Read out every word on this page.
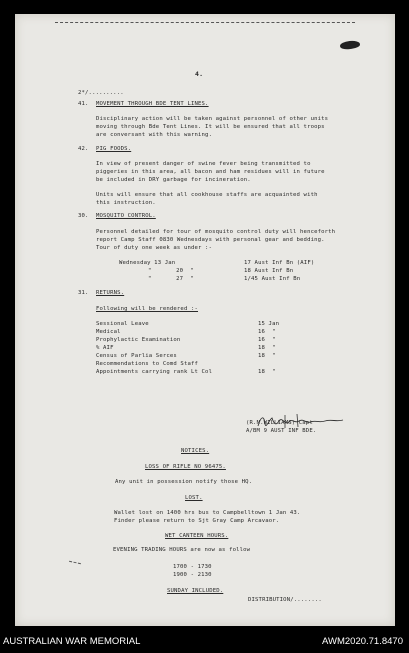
4.
2*/..........
41. MOVEMENT THROUGH BDE TENT LINES.
Disciplinary action will be taken against personnel of other units
moving through Bde Tent Lines. It will be ensured that all troops
are conversant with this warning.
42. PIG FOODS.
In view of present danger of swine fever being transmitted to
piggeries in this area, all bacon and ham residues will in future
be included in DRY garbage for incineration.
Units will ensure that all cookhouse staffs are acquainted with
this instruction.
30. MOSQUITO CONTROL.
Personnel detailed for tour of mosquito control duty will henceforth
report Camp Staff 0830 Wednesdays with personal gear and bedding.
Tour of duty one week as under :-
Wednesday 13 Jan	17 Aust Inf Bn (AIF)
"       20  "	18 Aust Inf Bn
"       27  "	1/45 Aust Inf Bn
31. RETURNS.
Following will be rendered :-
Sessional Leave	15 Jan
Medical	16  "
Prophylactic Examination	16  "
% AIF	18  "
Census of Parlia Serces	18  "
Recommendations to Comd Staff
Appointments carrying rank Lt Col	18  "
(R.N.WILLIAMS) Capt
A/BM 9 AUST INF BDE.
NOTICES.
LOSS OF RIFLE NO 96475.
Any unit in possession notify those HQ.
LOST.
Wallet lost on 1400 hrs bus to Campbelltown 1 Jan 43.
Finder please return to Sjt Gray Camp Arcavaor.
WET CANTEEN HOURS.
EVENING TRADING HOURS are now as follow
1700 - 1730
1900 - 2130
SUNDAY INCLUDED.
DISTRIBUTION/........
AUSTRALIAN WAR MEMORIAL	AWM2020.71.8470
